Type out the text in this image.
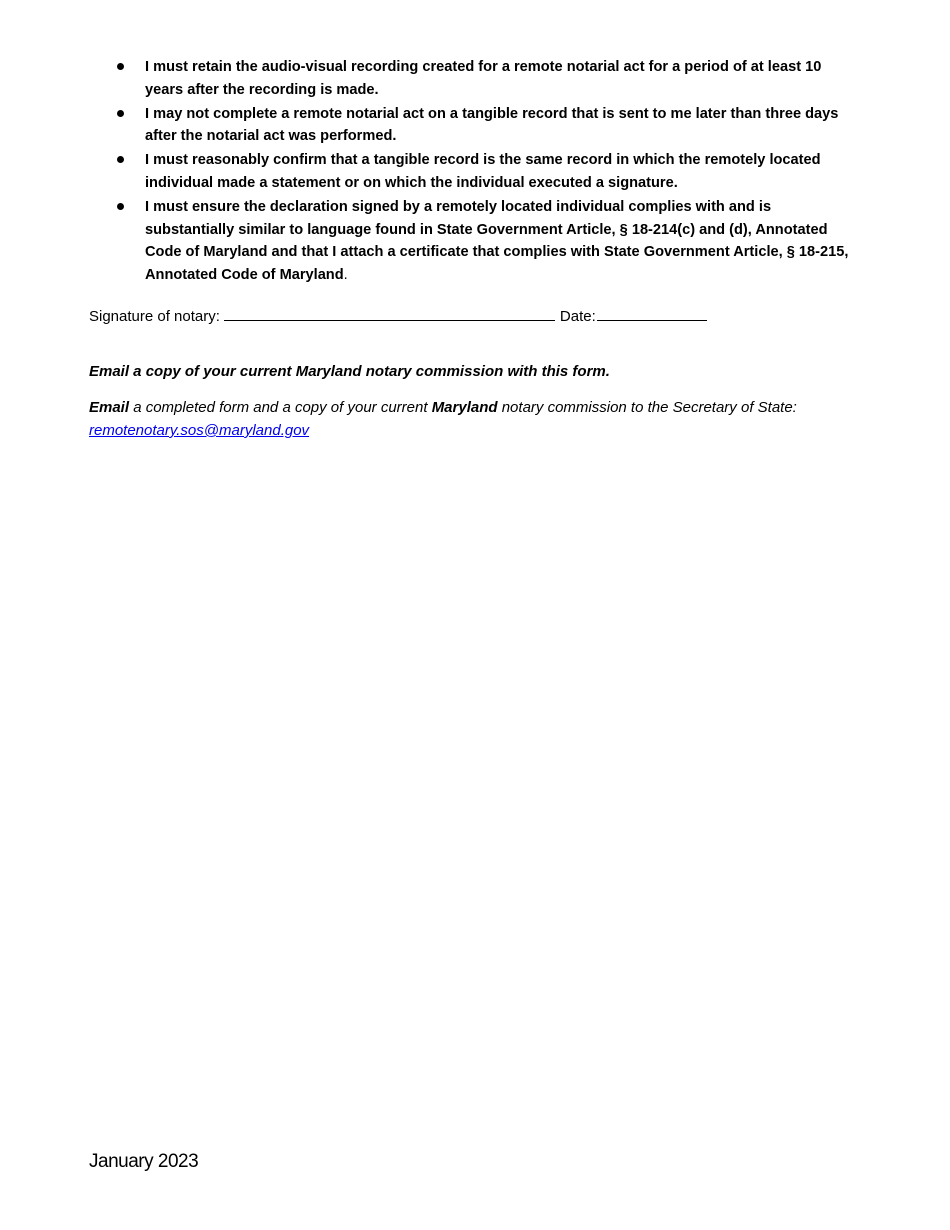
I must retain the audio-visual recording created for a remote notarial act for a period of at least 10 years after the recording is made.
I may not complete a remote notarial act on a tangible record that is sent to me later than three days after the notarial act was performed.
I must reasonably confirm that a tangible record is the same record in which the remotely located individual made a statement or on which the individual executed a signature.
I must ensure the declaration signed by a remotely located individual complies with and is substantially similar to language found in State Government Article, § 18-214(c) and (d), Annotated Code of Maryland and that I attach a certificate that complies with State Government Article, § 18-215, Annotated Code of Maryland.
Signature of notary:	Date:
Email a copy of your current Maryland notary commission with this form.
Email a completed form and a copy of your current Maryland notary commission to the Secretary of State:
remotenotary.sos@maryland.gov
January 2023
